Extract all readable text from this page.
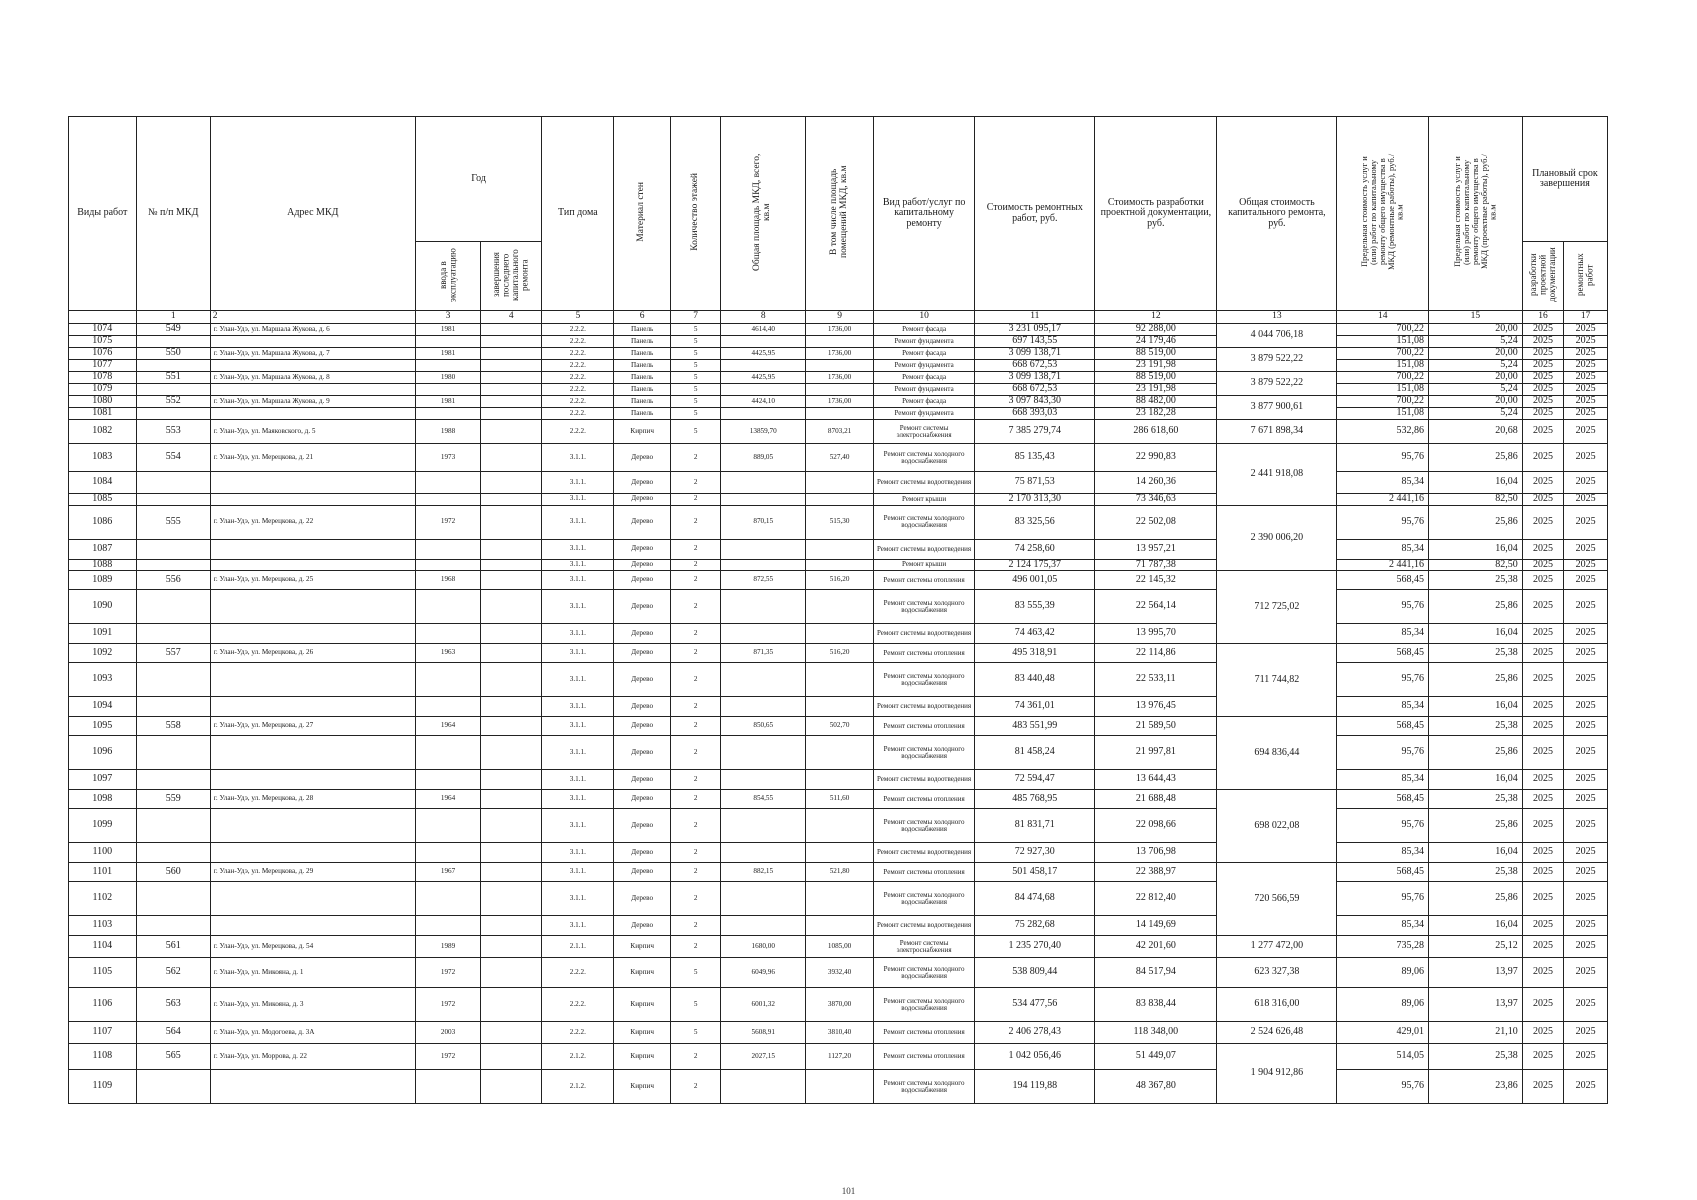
Виды работ	№ п/п МКД	Адрес МКД	Год		Тип дома	Материал стен	Количество этажей	Общая площадь МКД, всего, кв.м	В том числе площадь помещений МКД, кв.м	Вид работ/услуг по капитальному ремонту	Стоимость ремонтных работ, руб.	Стоимость разработки проектной документации, руб.	Общая стоимость капитального ремонта, руб.	Предельная стоимость услуг и (или) работ по капитальному ремонту общего имущества в МКД (ремонтные работы), руб./кв.м	Предельная стоимость услуг и (или) работ по капитальному ремонту общего имущества в МКД (проектные работы), руб./кв.м	Плановый срок завершения	
			ввода в эксплуатацию	завершения последнего капитального ремонта												разработки проектной документации	ремонтных работ
	1	2	3	4	5	6	7	8	9	10	11	12	13	14	15	16	17
1074	549	г. Улан-Удэ, ул. Маршала Жукова, д. 6	1981		2.2.2.	Панель	5	4614,40	1736,00	Ремонт фасада	3 231 095,17	92 288,00	4 044 706,18	700,22	20,00	2025	2025
1075					2.2.2.	Панель	5			Ремонт фундамента	697 143,55	24 179,46		151,08	5,24	2025	2025
1076	550	г. Улан-Удэ, ул. Маршала Жукова, д. 7	1981		2.2.2.	Панель	5	4425,95	1736,00	Ремонт фасада	3 099 138,71	88 519,00	3 879 522,22	700,22	20,00	2025	2025
1077					2.2.2.	Панель	5			Ремонт фундамента	668 672,53	23 191,98		151,08	5,24	2025	2025
1078	551	г. Улан-Удэ, ул. Маршала Жукова, д. 8	1980		2.2.2.	Панель	5	4425,95	1736,00	Ремонт фасада	3 099 138,71	88 519,00	3 879 522,22	700,22	20,00	2025	2025
1079					2.2.2.	Панель	5			Ремонт фундамента	668 672,53	23 191,98		151,08	5,24	2025	2025
1080	552	г. Улан-Удэ, ул. Маршала Жукова, д. 9	1981		2.2.2.	Панель	5	4424,10	1736,00	Ремонт фасада	3 097 843,30	88 482,00	3 877 900,61	700,22	20,00	2025	2025
1081					2.2.2.	Панель	5			Ремонт фундамента	668 393,03	23 182,28		151,08	5,24	2025	2025
1082	553	г. Улан-Удэ, ул. Маяковского, д. 5	1988		2.2.2.	Кирпич	5	13859,70	8703,21	Ремонт системы электроснабжения	7 385 279,74	286 618,60	7 671 898,34	532,86	20,68	2025	2025
1083	554	г. Улан-Удэ, ул. Мерецкова, д. 21	1973		3.1.1.	Дерево	2	889,05	527,40	Ремонт системы холодного водоснабжения	85 135,43	22 990,83	2 441 918,08	95,76	25,86	2025	2025
1084					3.1.1.	Дерево	2			Ремонт системы водоотведения	75 871,53	14 260,36		85,34	16,04	2025	2025
1085					3.1.1.	Дерево	2			Ремонт крыши	2 170 313,30	73 346,63		2 441,16	82,50	2025	2025
1086	555	г. Улан-Удэ, ул. Мерецкова, д. 22	1972		3.1.1.	Дерево	2	870,15	515,30	Ремонт системы холодного водоснабжения	83 325,56	22 502,08	2 390 006,20	95,76	25,86	2025	2025
1087					3.1.1.	Дерево	2			Ремонт системы водоотведения	74 258,60	13 957,21		85,34	16,04	2025	2025
1088					3.1.1.	Дерево	2			Ремонт крыши	2 124 175,37	71 787,38		2 441,16	82,50	2025	2025
1089	556	г. Улан-Удэ, ул. Мерецкова, д. 25	1968		3.1.1.	Дерево	2	872,55	516,20	Ремонт системы отопления	496 001,05	22 145,32	712 725,02	568,45	25,38	2025	2025
1090					3.1.1.	Дерево	2			Ремонт системы холодного водоснабжения	83 555,39	22 564,14		95,76	25,86	2025	2025
1091					3.1.1.	Дерево	2			Ремонт системы водоотведения	74 463,42	13 995,70		85,34	16,04	2025	2025
1092	557	г. Улан-Удэ, ул. Мерецкова, д. 26	1963		3.1.1.	Дерево	2	871,35	516,20	Ремонт системы отопления	495 318,91	22 114,86	711 744,82	568,45	25,38	2025	2025
1093					3.1.1.	Дерево	2			Ремонт системы холодного водоснабжения	83 440,48	22 533,11		95,76	25,86	2025	2025
1094					3.1.1.	Дерево	2			Ремонт системы водоотведения	74 361,01	13 976,45		85,34	16,04	2025	2025
1095	558	г. Улан-Удэ, ул. Мерецкова, д. 27	1964		3.1.1.	Дерево	2	850,65	502,70	Ремонт системы отопления	483 551,99	21 589,50	694 836,44	568,45	25,38	2025	2025
1096					3.1.1.	Дерево	2			Ремонт системы холодного водоснабжения	81 458,24	21 997,81		95,76	25,86	2025	2025
1097					3.1.1.	Дерево	2			Ремонт системы водоотведения	72 594,47	13 644,43		85,34	16,04	2025	2025
1098	559	г. Улан-Удэ, ул. Мерецкова, д. 28	1964		3.1.1.	Дерево	2	854,55	511,60	Ремонт системы отопления	485 768,95	21 688,48	698 022,08	568,45	25,38	2025	2025
1099					3.1.1.	Дерево	2			Ремонт системы холодного водоснабжения	81 831,71	22 098,66		95,76	25,86	2025	2025
1100					3.1.1.	Дерево	2			Ремонт системы водоотведения	72 927,30	13 706,98		85,34	16,04	2025	2025
1101	560	г. Улан-Удэ, ул. Мерецкова, д. 29	1967		3.1.1.	Дерево	2	882,15	521,80	Ремонт системы отопления	501 458,17	22 388,97	720 566,59	568,45	25,38	2025	2025
1102					3.1.1.	Дерево	2			Ремонт системы холодного водоснабжения	84 474,68	22 812,40		95,76	25,86	2025	2025
1103					3.1.1.	Дерево	2			Ремонт системы водоотведения	75 282,68	14 149,69		85,34	16,04	2025	2025
1104	561	г. Улан-Удэ, ул. Мерецкова, д. 54	1989		2.1.1.	Кирпич	2	1680,00	1085,00	Ремонт системы электроснабжения	1 235 270,40	42 201,60	1 277 472,00	735,28	25,12	2025	2025
1105	562	г. Улан-Удэ, ул. Микояна, д. 1	1972		2.2.2.	Кирпич	5	6049,96	3932,40	Ремонт системы холодного водоснабжения	538 809,44	84 517,94	623 327,38	89,06	13,97	2025	2025
1106	563	г. Улан-Удэ, ул. Микояна, д. 3	1972		2.2.2.	Кирпич	5	6001,32	3870,00	Ремонт системы холодного водоснабжения	534 477,56	83 838,44	618 316,00	89,06	13,97	2025	2025
1107	564	г. Улан-Удэ, ул. Модогоева, д. 3А	2003		2.2.2.	Кирпич	5	5608,91	3810,40	Ремонт системы отопления	2 406 278,43	118 348,00	2 524 626,48	429,01	21,10	2025	2025
1108	565	г. Улан-Удэ, ул. Моррова, д. 22	1972		2.1.2.	Кирпич	2	2027,15	1127,20	Ремонт системы отопления	1 042 056,46	51 449,07	1 904 912,86	514,05	25,38	2025	2025
1109					2.1.2.	Кирпич	2			Ремонт системы холодного водоснабжения	194 119,88	48 367,80		95,76	23,86	2025	2025
101
